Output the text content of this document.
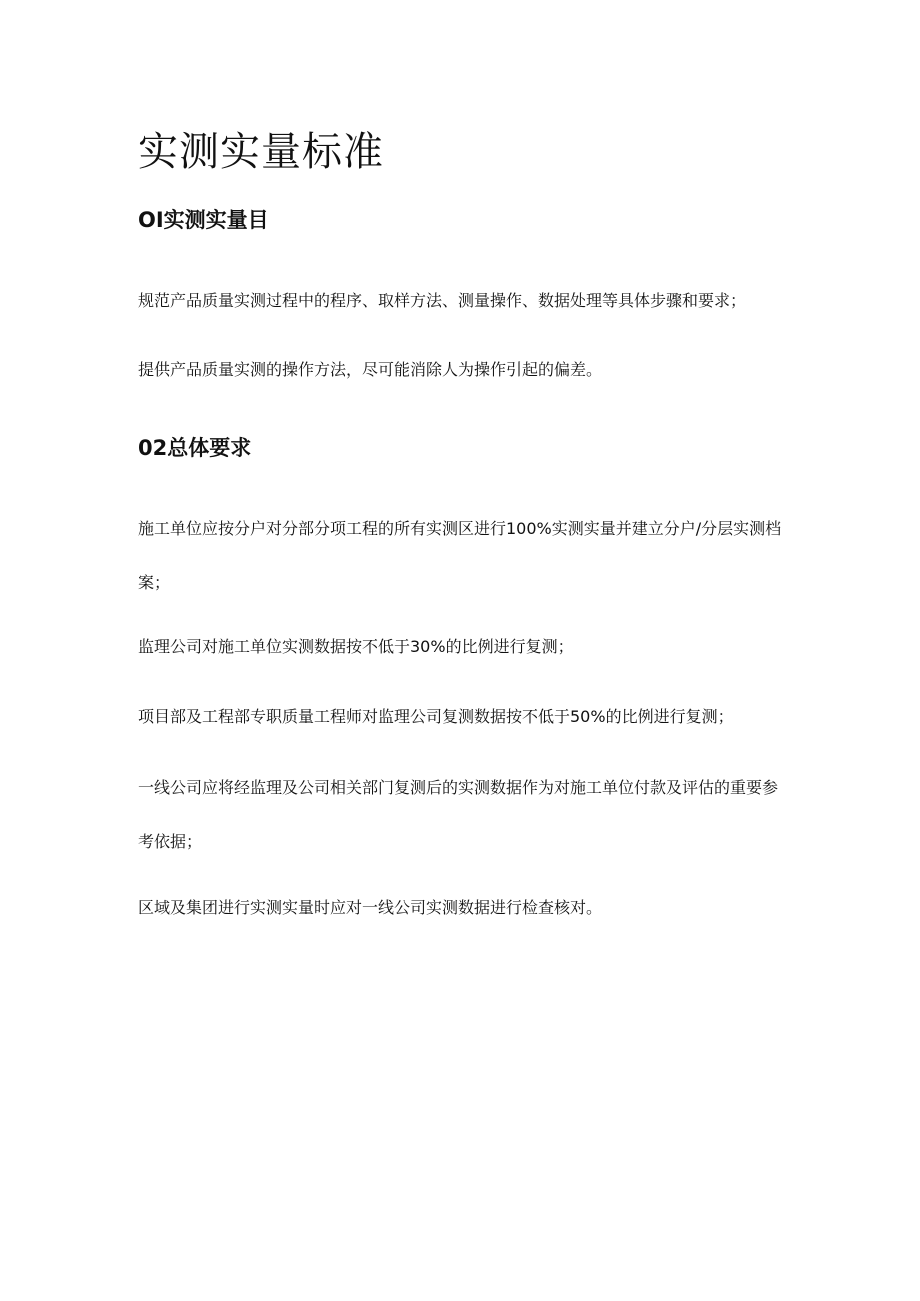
实测实量标准
OI实测实量目

规范产品质量实测过程中的程序、取样方法、测量操作、数据处理等具体步骤和要求；

提供产品质量实测的操作方法，尽可能消除人为操作引起的偏差。

02总体要求

施工单位应按分户对分部分项工程的所有实测区进行100%实测实量并建立分户/分层实测档案；

监理公司对施工单位实测数据按不低于30%的比例进行复测；

项目部及工程部专职质量工程师对监理公司复测数据按不低于50%的比例进行复测；

一线公司应将经监理及公司相关部门复测后的实测数据作为对施工单位付款及评估的重要参考依据；

区域及集团进行实测实量时应对一线公司实测数据进行检查核对。
